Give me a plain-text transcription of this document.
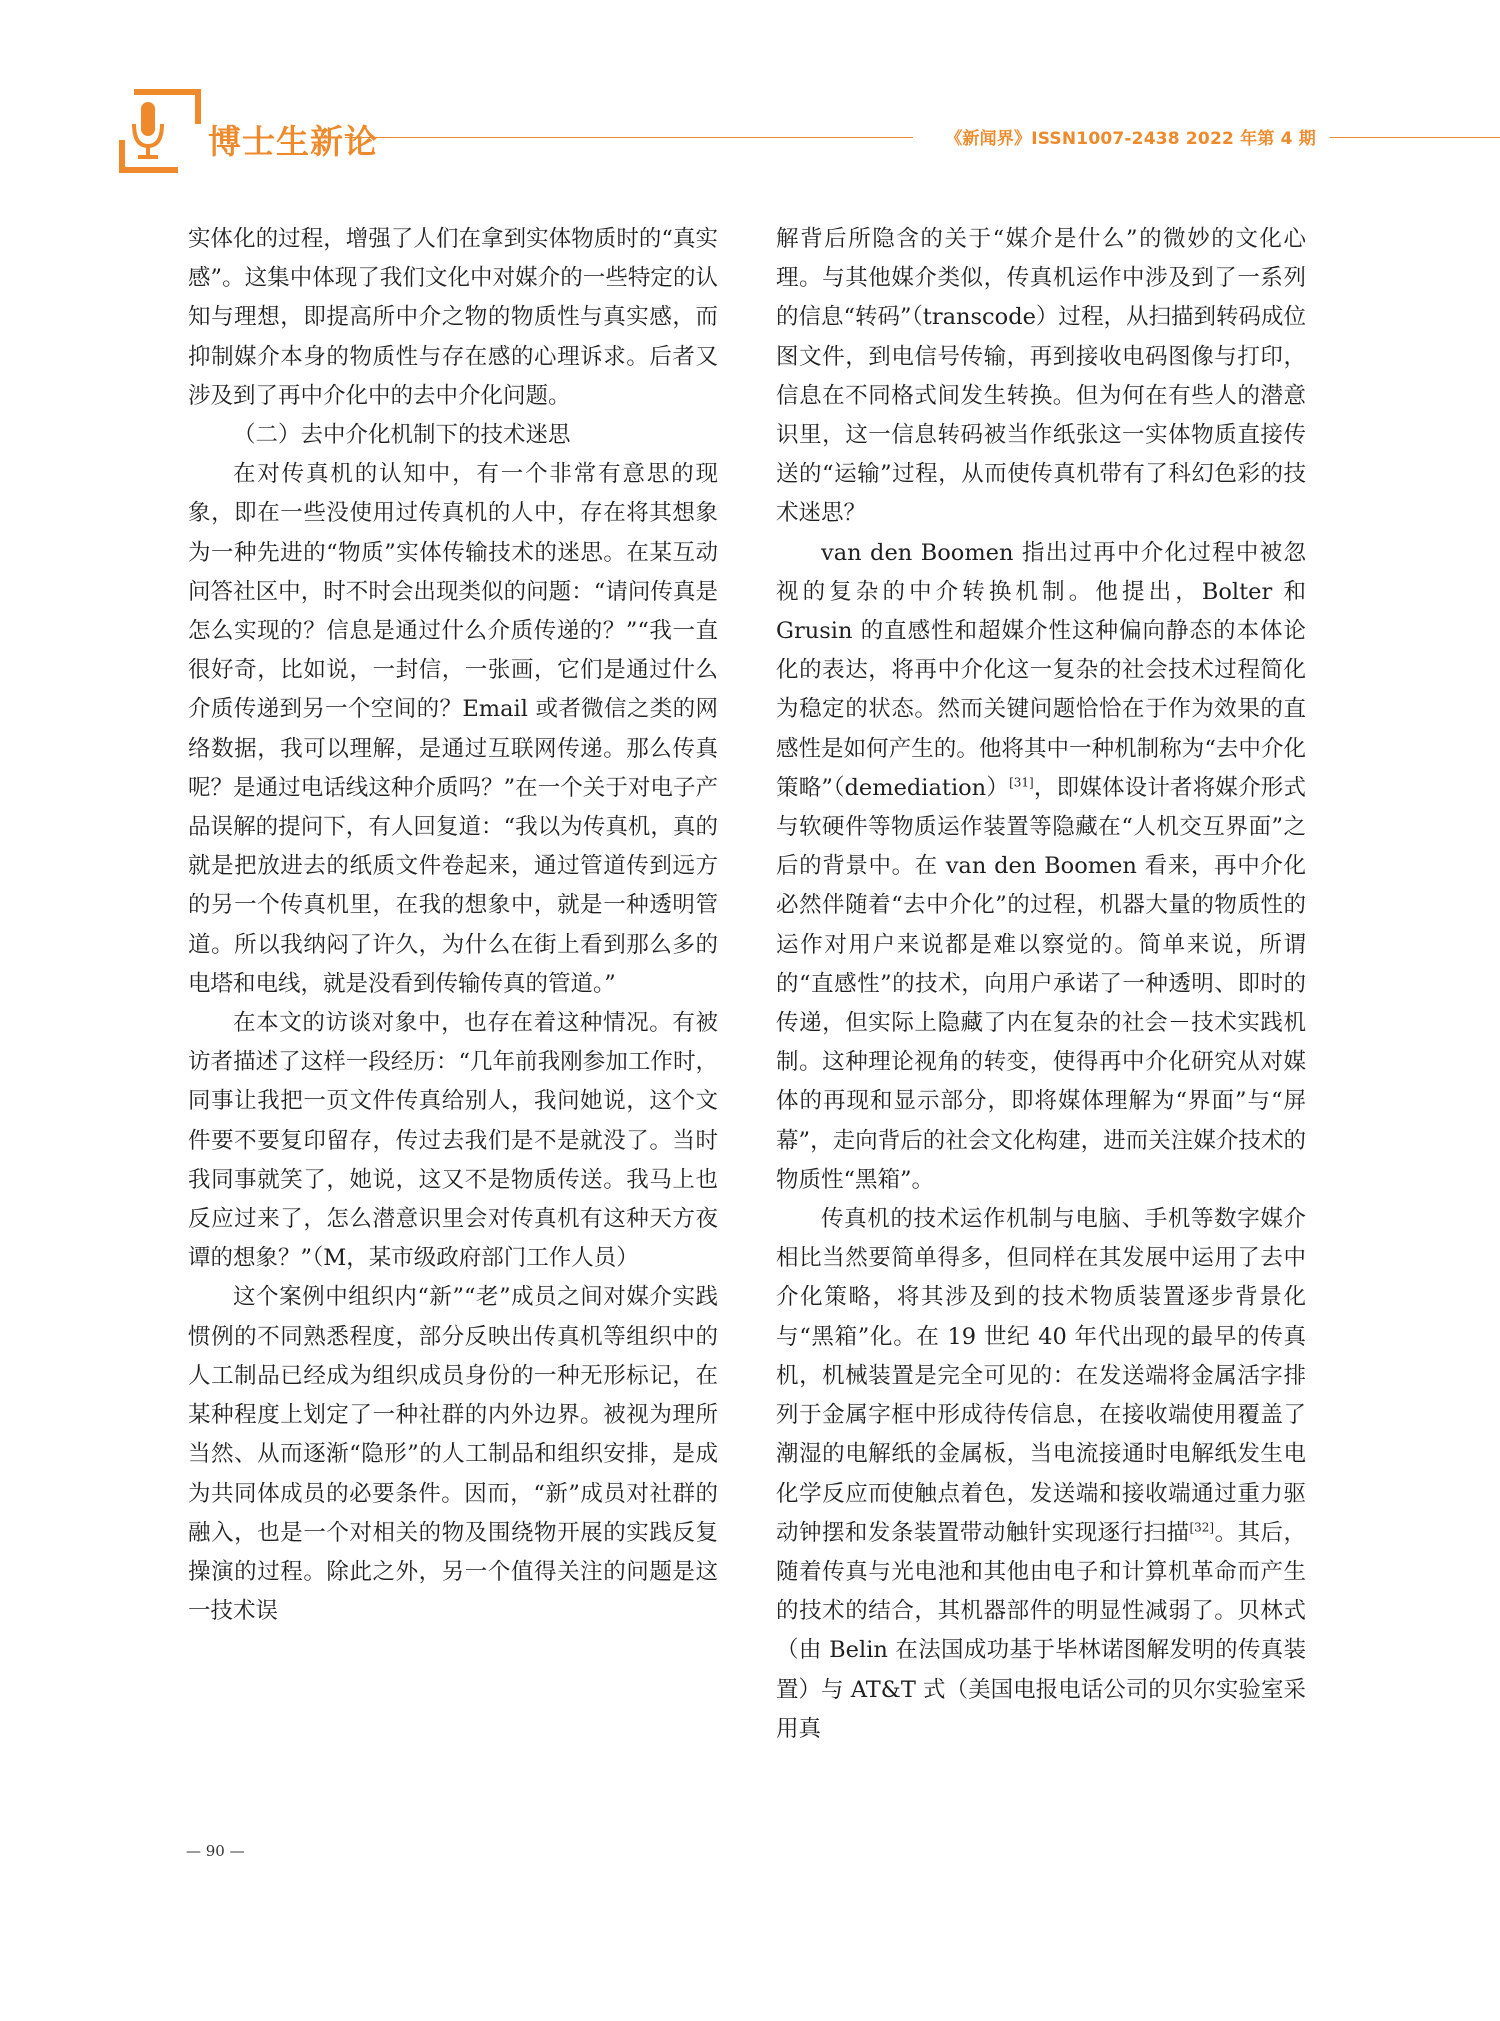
博士生新论	《新闻界》ISSN1007-2438 2022 年第 4 期

实体化的过程，增强了人们在拿到实体物质时的“真实感”。这集中体现了我们文化中对媒介的一些特定的认知与理想，即提高所中介之物的物质性与真实感，而抑制媒介本身的物质性与存在感的心理诉求。后者又涉及到了再中介化中的去中介化问题。

（二）去中介化机制下的技术迷思

在对传真机的认知中，有一个非常有意思的现象，即在一些没使用过传真机的人中，存在将其想象为一种先进的“物质”实体传输技术的迷思。在某互动问答社区中，时不时会出现类似的问题：“请问传真是怎么实现的？信息是通过什么介质传递的？”“我一直很好奇，比如说，一封信，一张画，它们是通过什么介质传递到另一个空间的？Email 或者微信之类的网络数据，我可以理解，是通过互联网传递。那么传真呢？是通过电话线这种介质吗？”在一个关于对电子产品误解的提问下，有人回复道：“我以为传真机，真的就是把放进去的纸质文件卷起来，通过管道传到远方的另一个传真机里，在我的想象中，就是一种透明管道。所以我纳闷了许久，为什么在街上看到那么多的电塔和电线，就是没看到传输传真的管道。”

在本文的访谈对象中，也存在着这种情况。有被访者描述了这样一段经历：“几年前我刚参加工作时，同事让我把一页文件传真给别人，我问她说，这个文件要不要复印留存，传过去我们是不是就没了。当时我同事就笑了，她说，这又不是物质传送。我马上也反应过来了，怎么潜意识里会对传真机有这种天方夜谭的想象？”（M，某市级政府部门工作人员）

这个案例中组织内“新”“老”成员之间对媒介实践惯例的不同熟悉程度，部分反映出传真机等组织中的人工制品已经成为组织成员身份的一种无形标记，在某种程度上划定了一种社群的内外边界。被视为理所当然、从而逐渐“隐形”的人工制品和组织安排，是成为共同体成员的必要条件。因而，“新”成员对社群的融入，也是一个对相关的物及围绕物开展的实践反复操演的过程。除此之外，另一个值得关注的问题是这一技术误

解背后所隐含的关于“媒介是什么”的微妙的文化心理。与其他媒介类似，传真机运作中涉及到了一系列的信息“转码”（transcode）过程，从扫描到转码成位图文件，到电信号传输，再到接收电码图像与打印，信息在不同格式间发生转换。但为何在有些人的潜意识里，这一信息转码被当作纸张这一实体物质直接传送的“运输”过程，从而使传真机带有了科幻色彩的技术迷思？

van den Boomen 指出过再中介化过程中被忽视的复杂的中介转换机制。他提出，Bolter 和 Grusin 的直感性和超媒介性这种偏向静态的本体论化的表达，将再中介化这一复杂的社会技术过程简化为稳定的状态。然而关键问题恰恰在于作为效果的直感性是如何产生的。他将其中一种机制称为“去中介化策略”（demediation）[31]，即媒体设计者将媒介形式与软硬件等物质运作装置等隐藏在“人机交互界面”之后的背景中。在 van den Boomen 看来，再中介化必然伴随着“去中介化”的过程，机器大量的物质性的运作对用户来说都是难以察觉的。简单来说，所谓的“直感性”的技术，向用户承诺了一种透明、即时的传递，但实际上隐藏了内在复杂的社会－技术实践机制。这种理论视角的转变，使得再中介化研究从对媒体的再现和显示部分，即将媒体理解为“界面”与“屏幕”，走向背后的社会文化构建，进而关注媒介技术的物质性“黑箱”。

传真机的技术运作机制与电脑、手机等数字媒介相比当然要简单得多，但同样在其发展中运用了去中介化策略，将其涉及到的技术物质装置逐步背景化与“黑箱”化。在 19 世纪 40 年代出现的最早的传真机，机械装置是完全可见的：在发送端将金属活字排列于金属字框中形成待传信息，在接收端使用覆盖了潮湿的电解纸的金属板，当电流接通时电解纸发生电化学反应而使触点着色，发送端和接收端通过重力驱动钟摆和发条装置带动触针实现逐行扫描[32]。其后，随着传真与光电池和其他由电子和计算机革命而产生的技术的结合，其机器部件的明显性减弱了。贝林式（由 Belin 在法国成功基于毕林诺图解发明的传真装置）与 AT&T 式（美国电报电话公司的贝尔实验室采用真

— 90 —
